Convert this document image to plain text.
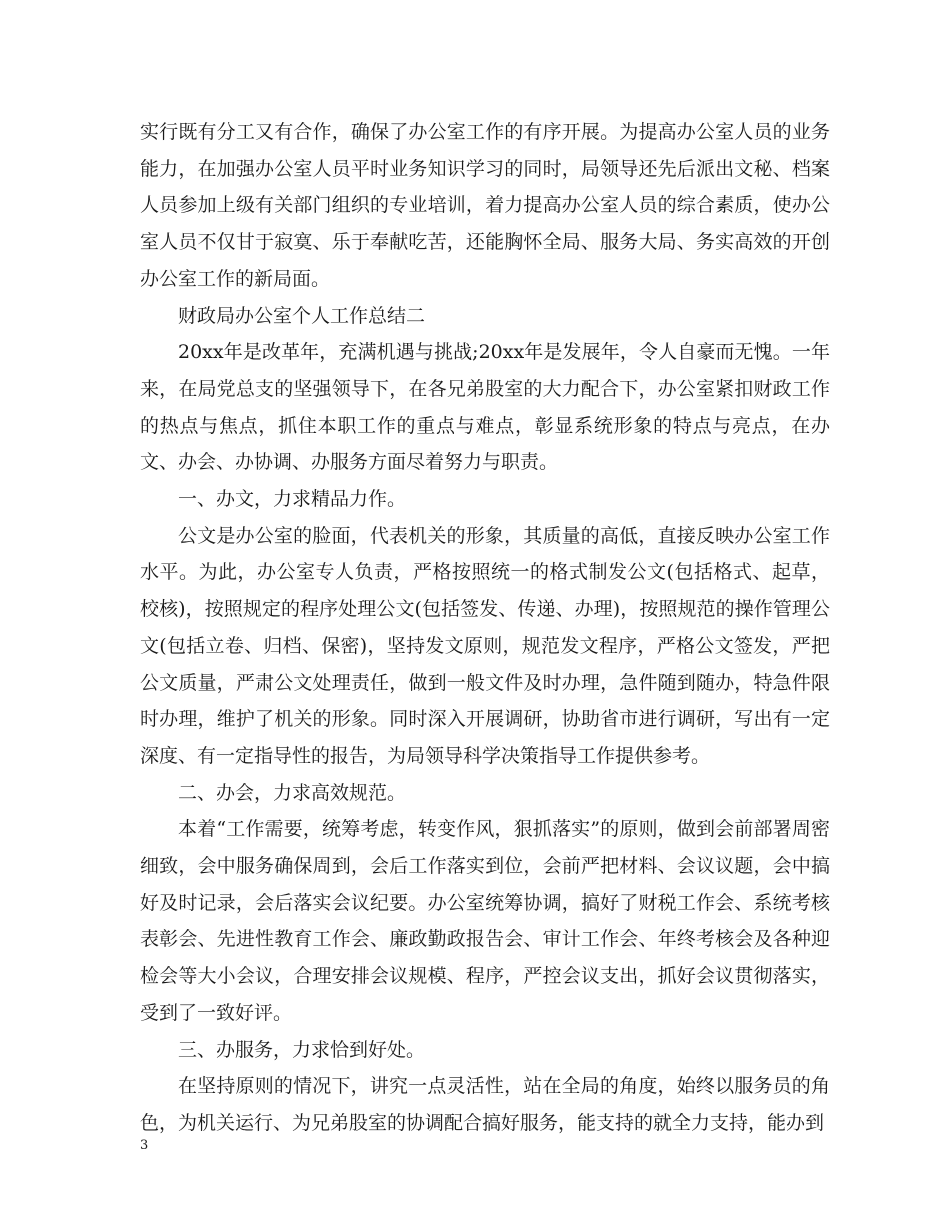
实行既有分工又有合作，确保了办公室工作的有序开展。为提高办公室人员的业务能力，在加强办公室人员平时业务知识学习的同时，局领导还先后派出文秘、档案人员参加上级有关部门组织的专业培训，着力提高办公室人员的综合素质，使办公室人员不仅甘于寂寞、乐于奉献吃苦，还能胸怀全局、服务大局、务实高效的开创办公室工作的新局面。

财政局办公室个人工作总结二

20xx年是改革年，充满机遇与挑战;20xx年是发展年，令人自豪而无愧。一年来，在局党总支的坚强领导下，在各兄弟股室的大力配合下，办公室紧扣财政工作的热点与焦点，抓住本职工作的重点与难点，彰显系统形象的特点与亮点，在办文、办会、办协调、办服务方面尽着努力与职责。

一、办文，力求精品力作。

公文是办公室的脸面，代表机关的形象，其质量的高低，直接反映办公室工作水平。为此，办公室专人负责，严格按照统一的格式制发公文(包括格式、起草，校核)，按照规定的程序处理公文(包括签发、传递、办理)，按照规范的操作管理公文(包括立卷、归档、保密)，坚持发文原则，规范发文程序，严格公文签发，严把公文质量，严肃公文处理责任，做到一般文件及时办理，急件随到随办，特急件限时办理，维护了机关的形象。同时深入开展调研，协助省市进行调研，写出有一定深度、有一定指导性的报告，为局领导科学决策指导工作提供参考。

二、办会，力求高效规范。

本着“工作需要，统筹考虑，转变作风，狠抓落实”的原则，做到会前部署周密细致，会中服务确保周到，会后工作落实到位，会前严把材料、会议议题，会中搞好及时记录，会后落实会议纪要。办公室统筹协调，搞好了财税工作会、系统考核表彰会、先进性教育工作会、廉政勤政报告会、审计工作会、年终考核会及各种迎检会等大小会议，合理安排会议规模、程序，严控会议支出，抓好会议贯彻落实，受到了一致好评。

三、办服务，力求恰到好处。

在坚持原则的情况下，讲究一点灵活性，站在全局的角度，始终以服务员的角色，为机关运行、为兄弟股室的协调配合搞好服务，能支持的就全力支持，能办到

3
